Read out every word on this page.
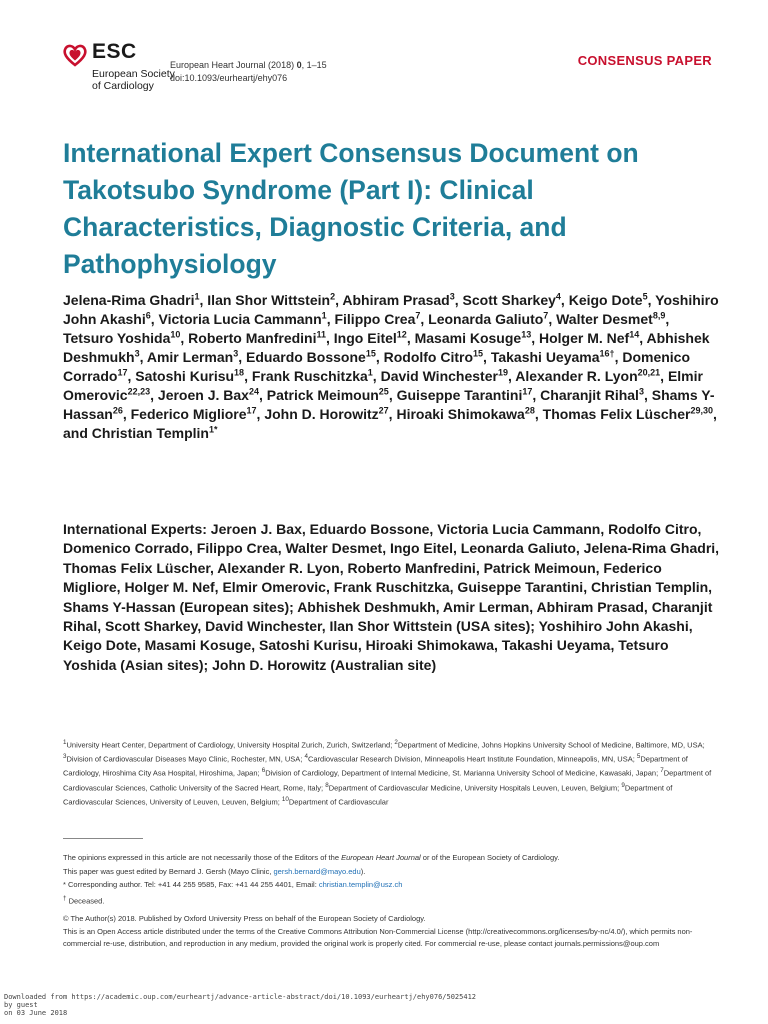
ESC
European Society
of Cardiology
European Heart Journal (2018) 0, 1–15
doi:10.1093/eurheartj/ehy076
CONSENSUS PAPER
International Expert Consensus Document on Takotsubo Syndrome (Part I): Clinical Characteristics, Diagnostic Criteria, and Pathophysiology

Jelena-Rima Ghadri$^1$, Ilan Shor Wittstein$^2$, Abhiram Prasad$^3$, Scott Sharkey$^4$, Keigo Dote$^5$, Yoshihiro John Akashi$^6$, Victoria Lucia Cammann$^1$, Filippo Crea$^7$, Leonarda Galiuto$^7$, Walter Desmet$^{8,9}$, Tetsuro Yoshida$^{10}$, Roberto Manfredini$^{11}$, Ingo Eitel$^{12}$, Masami Kosuge$^{13}$, Holger M. Nef$^{14}$, Abhishek Deshmukh$^3$, Amir Lerman$^3$, Eduardo Bossone$^{15}$, Rodolfo Citro$^{15}$, Takashi Ueyama$^{16\dagger}$, Domenico Corrado$^{17}$, Satoshi Kurisu$^{18}$, Frank Ruschitzka$^1$, David Winchester$^{19}$, Alexander R. Lyon$^{20,21}$, Elmir Omerovic$^{22,23}$, Jeroen J. Bax$^{24}$, Patrick Meimoun$^{25}$, Guiseppe Tarantini$^{17}$, Charanjit Rihal$^3$, Shams Y-Hassan$^{26}$, Federico Migliore$^{17}$, John D. Horowitz$^{27}$, Hiroaki Shimokawa$^{28}$, Thomas Felix Lüscher$^{29,30}$, and Christian Templin$^{1*}$

International Experts: Jeroen J. Bax, Eduardo Bossone, Victoria Lucia Cammann, Rodolfo Citro, Domenico Corrado, Filippo Crea, Walter Desmet, Ingo Eitel, Leonarda Galiuto, Jelena-Rima Ghadri, Thomas Felix Lüscher, Alexander R. Lyon, Roberto Manfredini, Patrick Meimoun, Federico Migliore, Holger M. Nef, Elmir Omerovic, Frank Ruschitzka, Guiseppe Tarantini, Christian Templin, Shams Y-Hassan (European sites); Abhishek Deshmukh, Amir Lerman, Abhiram Prasad, Charanjit Rihal, Scott Sharkey, David Winchester, Ilan Shor Wittstein (USA sites); Yoshihiro John Akashi, Keigo Dote, Masami Kosuge, Satoshi Kurisu, Hiroaki Shimokawa, Takashi Ueyama, Tetsuro Yoshida (Asian sites); John D. Horowitz (Australian site)

$^1$University Heart Center, Department of Cardiology, University Hospital Zurich, Zurich, Switzerland; $^2$Department of Medicine, Johns Hopkins University School of Medicine, Baltimore, MD, USA; $^3$Division of Cardiovascular Diseases Mayo Clinic, Rochester, MN, USA; $^4$Cardiovascular Research Division, Minneapolis Heart Institute Foundation, Minneapolis, MN, USA; $^5$Department of Cardiology, Hiroshima City Asa Hospital, Hiroshima, Japan; $^6$Division of Cardiology, Department of Internal Medicine, St. Marianna University School of Medicine, Kawasaki, Japan; $^7$Department of Cardiovascular Sciences, Catholic University of the Sacred Heart, Rome, Italy; $^8$Department of Cardiovascular Medicine, University Hospitals Leuven, Leuven, Belgium; $^9$Department of Cardiovascular Sciences, University of Leuven, Leuven, Belgium; $^{10}$Department of Cardiovascular

The opinions expressed in this article are not necessarily those of the Editors of the European Heart Journal or of the European Society of Cardiology.

This paper was guest edited by Bernard J. Gersh (Mayo Clinic, gersh.bernard@mayo.edu).

* Corresponding author. Tel: +41 44 255 9585, Fax: +41 44 255 4401, Email: christian.templin@usz.ch

† Deceased.

© The Author(s) 2018. Published by Oxford University Press on behalf of the European Society of Cardiology.

This is an Open Access article distributed under the terms of the Creative Commons Attribution Non-Commercial License (http://creativecommons.org/licenses/by-nc/4.0/), which permits non-commercial re-use, distribution, and reproduction in any medium, provided the original work is properly cited. For commercial re-use, please contact journals.permissions@oup.com

Downloaded from https://academic.oup.com/eurheartj/advance-article-abstract/doi/10.1093/eurheartj/ehy076/5025412
by guest
on 03 June 2018
